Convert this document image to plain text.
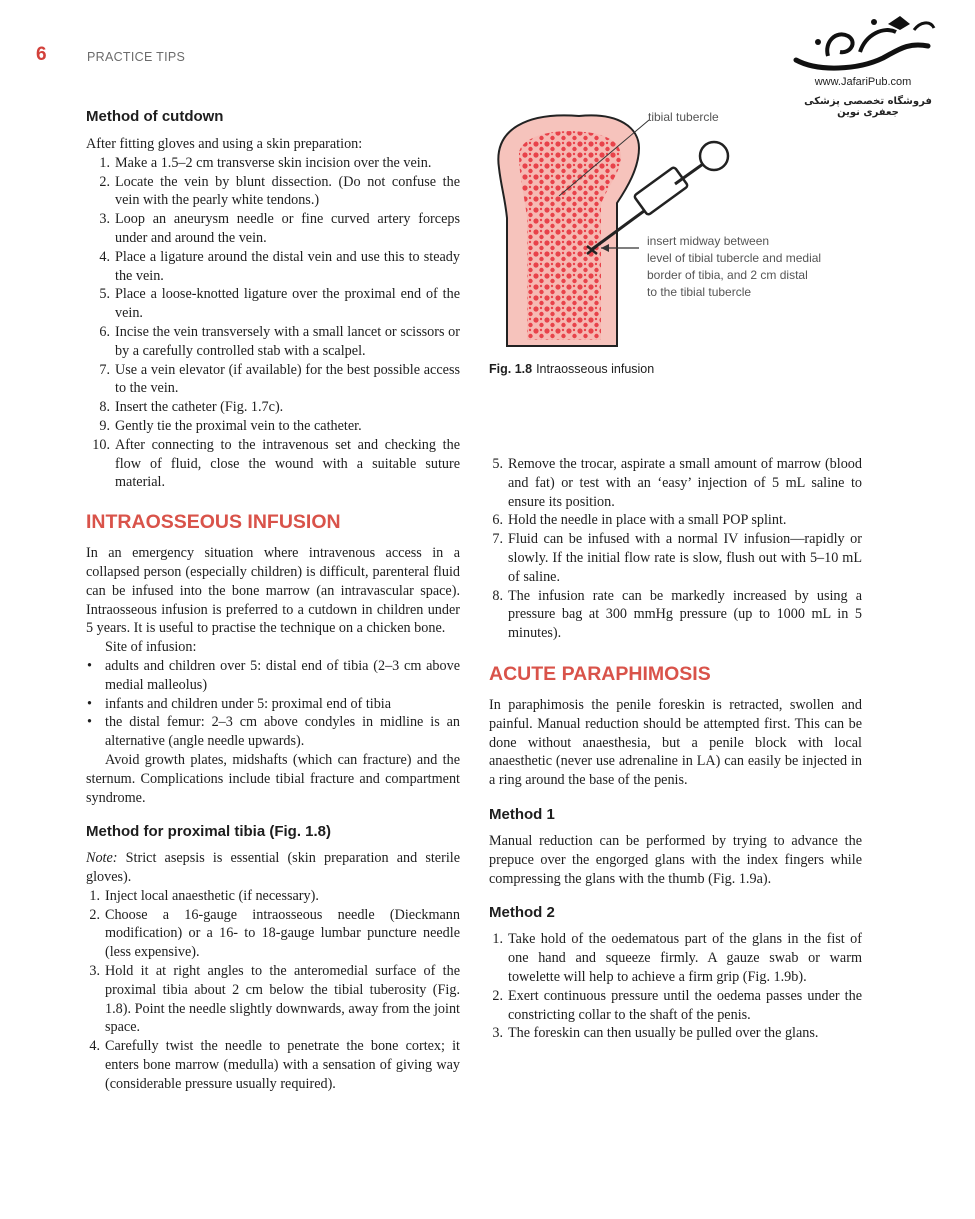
6	PRACTICE TIPS
www.JafariPub.com
فروشگاه تخصصی پزشکی جعفری نوین
tibial tubercle
insert midway between
level of tibial tubercle and medial
border of tibia, and 2 cm distal
to the tibial tubercle
Fig. 1.8 Intraosseous infusion
Method of cutdown
After fitting gloves and using a skin preparation:
1. Make a 1.5–2 cm transverse skin incision over the vein.
2. Locate the vein by blunt dissection. (Do not confuse the vein with the pearly white tendons.)
3. Loop an aneurysm needle or fine curved artery forceps under and around the vein.
4. Place a ligature around the distal vein and use this to steady the vein.
5. Place a loose-knotted ligature over the proximal end of the vein.
6. Incise the vein transversely with a small lancet or scissors or by a carefully controlled stab with a scalpel.
7. Use a vein elevator (if available) for the best possible access to the vein.
8. Insert the catheter (Fig. 1.7c).
9. Gently tie the proximal vein to the catheter.
10. After connecting to the intravenous set and checking the flow of fluid, close the wound with a suitable suture material.
INTRAOSSEOUS INFUSION
In an emergency situation where intravenous access in a collapsed person (especially children) is difficult, parenteral fluid can be infused into the bone marrow (an intravascular space). Intraosseous infusion is preferred to a cutdown in children under 5 years. It is useful to practise the technique on a chicken bone.
Site of infusion:
• adults and children over 5: distal end of tibia (2–3 cm above medial malleolus)
• infants and children under 5: proximal end of tibia
• the distal femur: 2–3 cm above condyles in midline is an alternative (angle needle upwards).
Avoid growth plates, midshafts (which can fracture) and the sternum. Complications include tibial fracture and compartment syndrome.
Method for proximal tibia (Fig. 1.8)
Note: Strict asepsis is essential (skin preparation and sterile gloves).
1. Inject local anaesthetic (if necessary).
2. Choose a 16-gauge intraosseous needle (Dieckmann modification) or a 16- to 18-gauge lumbar puncture needle (less expensive).
3. Hold it at right angles to the anteromedial surface of the proximal tibia about 2 cm below the tibial tuberosity (Fig. 1.8). Point the needle slightly downwards, away from the joint space.
4. Carefully twist the needle to penetrate the bone cortex; it enters bone marrow (medulla) with a sensation of giving way (considerable pressure usually required).
5. Remove the trocar, aspirate a small amount of marrow (blood and fat) or test with an ‘easy’ injection of 5 mL saline to ensure its position.
6. Hold the needle in place with a small POP splint.
7. Fluid can be infused with a normal IV infusion—rapidly or slowly. If the initial flow rate is slow, flush out with 5–10 mL of saline.
8. The infusion rate can be markedly increased by using a pressure bag at 300 mmHg pressure (up to 1000 mL in 5 minutes).
ACUTE PARAPHIMOSIS
In paraphimosis the penile foreskin is retracted, swollen and painful. Manual reduction should be attempted first. This can be done without anaesthesia, but a penile block with local anaesthetic (never use adrenaline in LA) can easily be injected in a ring around the base of the penis.
Method 1
Manual reduction can be performed by trying to advance the prepuce over the engorged glans with the index fingers while compressing the glans with the thumb (Fig. 1.9a).
Method 2
1. Take hold of the oedematous part of the glans in the fist of one hand and squeeze firmly. A gauze swab or warm towelette will help to achieve a firm grip (Fig. 1.9b).
2. Exert continuous pressure until the oedema passes under the constricting collar to the shaft of the penis.
3. The foreskin can then usually be pulled over the glans.
